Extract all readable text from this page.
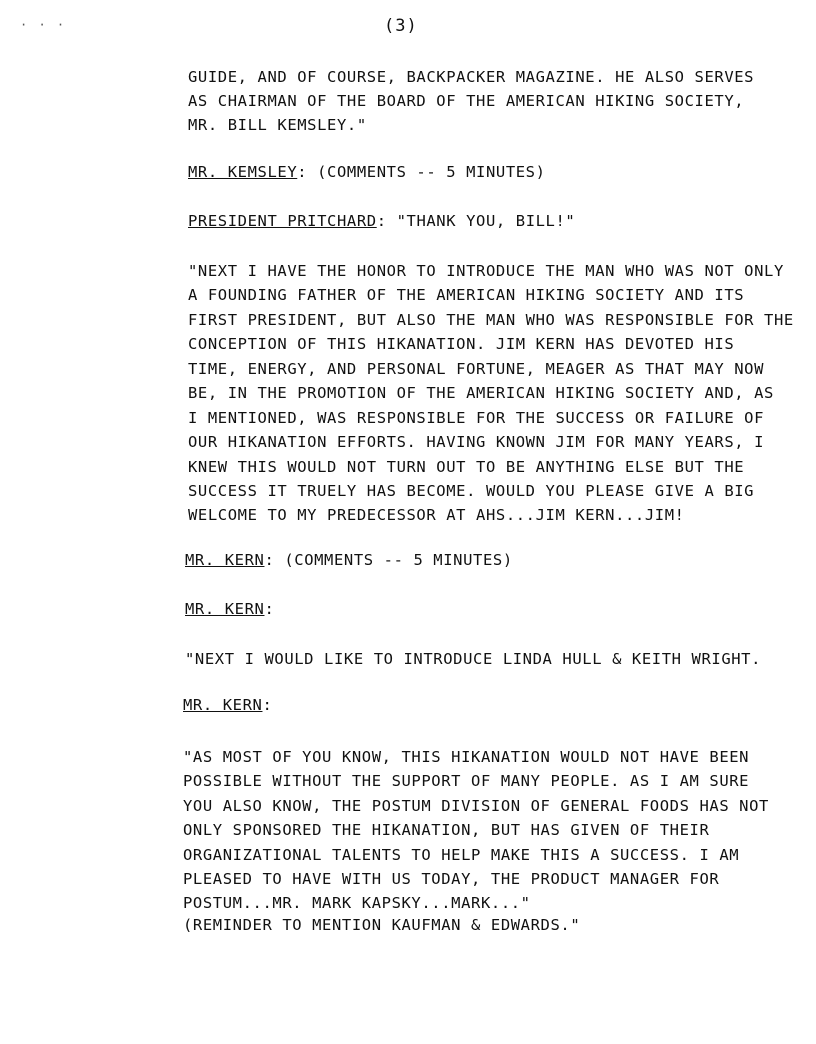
· · ·	(3)
GUIDE, AND OF COURSE, BACKPACKER MAGAZINE. HE ALSO SERVES
AS CHAIRMAN OF THE BOARD OF THE AMERICAN HIKING SOCIETY,
MR. BILL KEMSLEY."
MR. KEMSLEY: (COMMENTS -- 5 MINUTES)
PRESIDENT PRITCHARD: "THANK YOU, BILL!"
"NEXT I HAVE THE HONOR TO INTRODUCE THE MAN WHO WAS NOT ONLY
A FOUNDING FATHER OF THE AMERICAN HIKING SOCIETY AND ITS
FIRST PRESIDENT, BUT ALSO THE MAN WHO WAS RESPONSIBLE FOR THE
CONCEPTION OF THIS HIKANATION. JIM KERN HAS DEVOTED HIS
TIME, ENERGY, AND PERSONAL FORTUNE, MEAGER AS THAT MAY NOW
BE, IN THE PROMOTION OF THE AMERICAN HIKING SOCIETY AND, AS
I MENTIONED, WAS RESPONSIBLE FOR THE SUCCESS OR FAILURE OF
OUR HIKANATION EFFORTS. HAVING KNOWN JIM FOR MANY YEARS, I
KNEW THIS WOULD NOT TURN OUT TO BE ANYTHING ELSE BUT THE
SUCCESS IT TRUELY HAS BECOME. WOULD YOU PLEASE GIVE A BIG
WELCOME TO MY PREDECESSOR AT AHS...JIM KERN...JIM!
MR. KERN: (COMMENTS -- 5 MINUTES)
MR. KERN:
"NEXT I WOULD LIKE TO INTRODUCE LINDA HULL & KEITH WRIGHT.
MR. KERN:
"AS MOST OF YOU KNOW, THIS HIKANATION WOULD NOT HAVE BEEN
POSSIBLE WITHOUT THE SUPPORT OF MANY PEOPLE. AS I AM SURE
YOU ALSO KNOW, THE POSTUM DIVISION OF GENERAL FOODS HAS NOT
ONLY SPONSORED THE HIKANATION, BUT HAS GIVEN OF THEIR
ORGANIZATIONAL TALENTS TO HELP MAKE THIS A SUCCESS. I AM
PLEASED TO HAVE WITH US TODAY, THE PRODUCT MANAGER FOR
POSTUM...MR. MARK KAPSKY...MARK..."
(REMINDER TO MENTION KAUFMAN & EDWARDS."
